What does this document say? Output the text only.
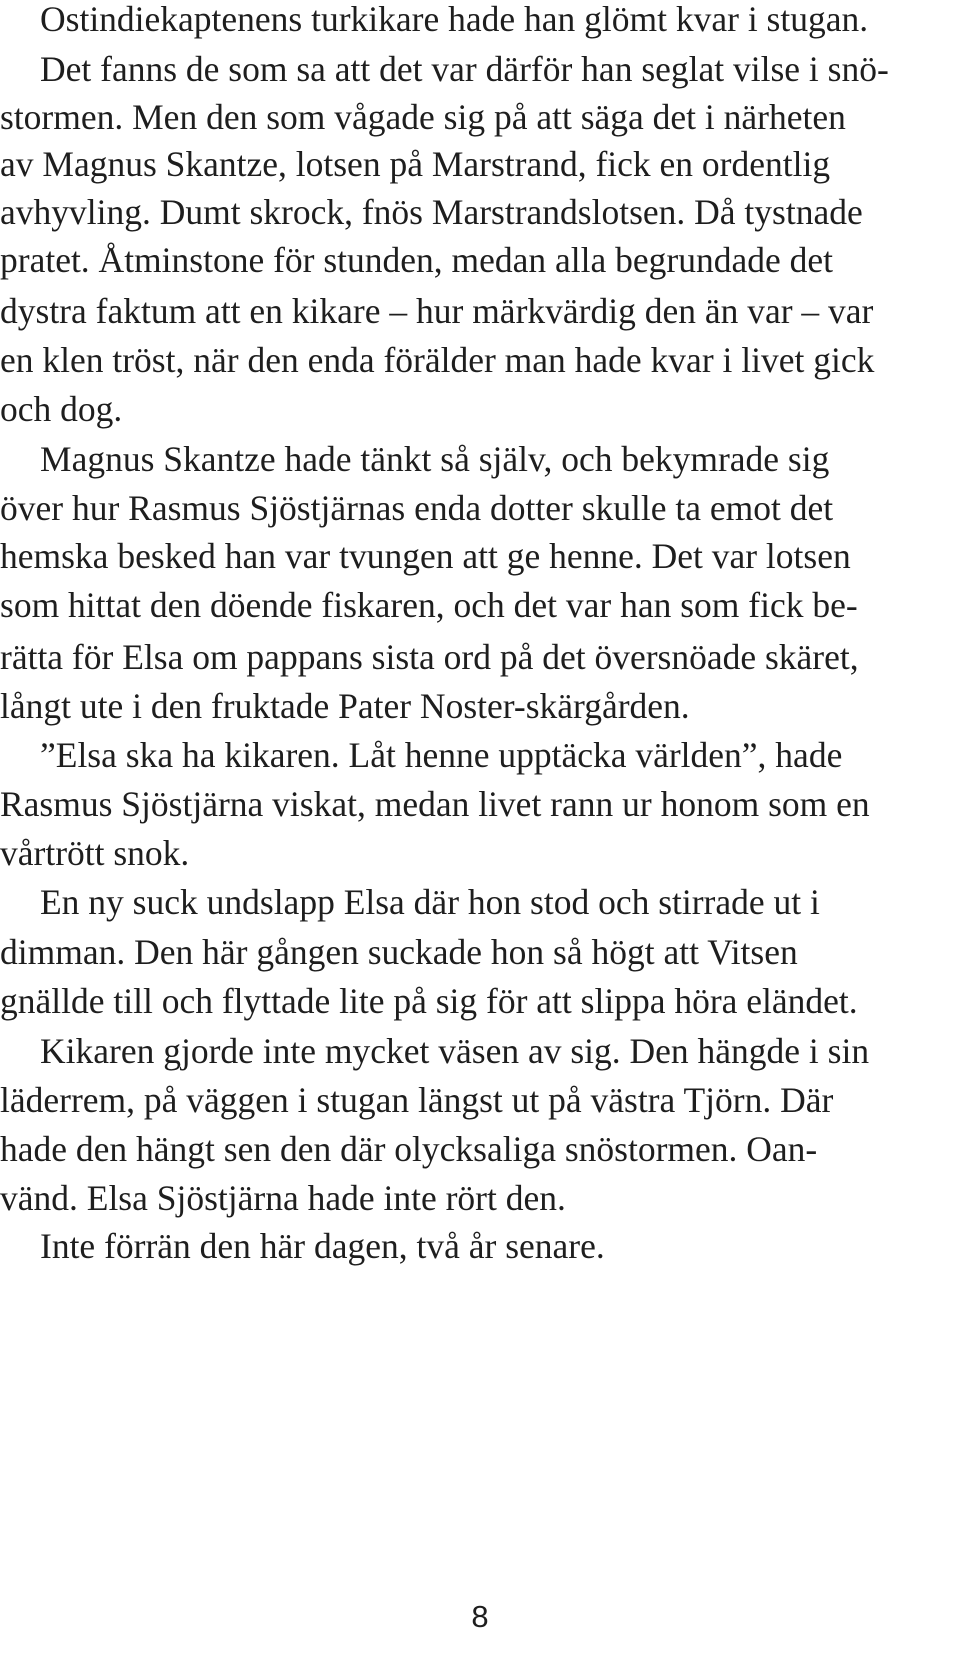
Ostindiekaptenens turkikare hade han glömt kvar i stugan.
Det fanns de som sa att det var därför han seglat vilse i snö-
stormen. Men den som vågade sig på att säga det i närheten
av Magnus Skantze, lotsen på Marstrand, fick en ordentlig
avhyvling. Dumt skrock, fnös Marstrandslotsen. Då tystnade
pratet. Åtminstone för stunden, medan alla begrundade det
dystra faktum att en kikare – hur märkvärdig den än var – var
en klen tröst, när den enda förälder man hade kvar i livet gick
och dog.
Magnus Skantze hade tänkt så själv, och bekymrade sig
över hur Rasmus Sjöstjärnas enda dotter skulle ta emot det
hemska besked han var tvungen att ge henne. Det var lotsen
som hittat den döende fiskaren, och det var han som fick be-
rätta för Elsa om pappans sista ord på det översnöade skäret,
långt ute i den fruktade Pater Noster-skärgården.
”Elsa ska ha kikaren. Låt henne upptäcka världen”, hade
Rasmus Sjöstjärna viskat, medan livet rann ur honom som en
vårtrött snok.
En ny suck undslapp Elsa där hon stod och stirrade ut i
dimman. Den här gången suckade hon så högt att Vitsen
gnällde till och flyttade lite på sig för att slippa höra eländet.
Kikaren gjorde inte mycket väsen av sig. Den hängde i sin
läderrem, på väggen i stugan längst ut på västra Tjörn. Där
hade den hängt sen den där olycksaliga snöstormen. Oan-
vänd. Elsa Sjöstjärna hade inte rört den.
Inte förrän den här dagen, två år senare.
8
